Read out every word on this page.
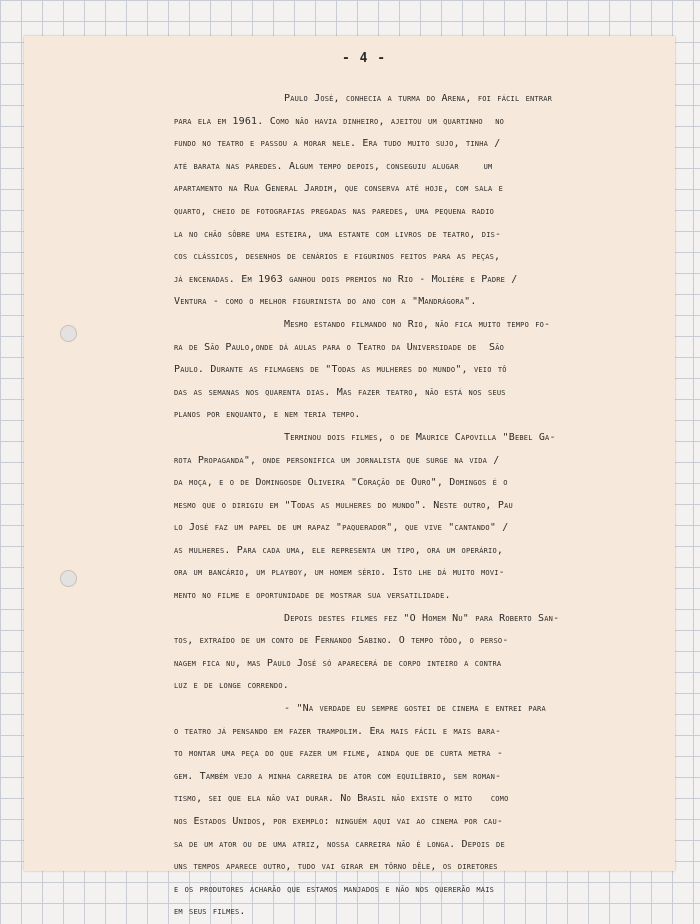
- 4 -
Paulo José, conhecia a turma do Arena, foi fácil entrar
para ela em 1961. Como não havia dinheiro, ajeitou um quartinho  no
fundo no teatro e passou a morar nele. Era tudo muito sujo, tinha /
até barata nas paredes. Algum tempo depois, conseguiu alugar    um
apartamento na Rua General Jardim, que conserva até hoje, com sala e
quarto, cheio de fotografias pregadas nas paredes, uma pequena radio
la no chão sôbre uma esteira, uma estante com livros de teatro, dis-
cos clássicos, desenhos de cenários e figurinos feitos para as peças,
já encenadas. Em 1963 ganhou dois premios no Rio - Molière e Padre /
Ventura - como o melhor figurinista do ano com a "Mandrágora".
Mesmo estando filmando no Rio, não fica muito tempo fo-
ra de São Paulo,onde dá aulas para o Teatro da Universidade de  São
Paulo. Durante as filmagens de "Todas as mulheres do mundo", veio tô
das as semanas nos quarenta dias. Mas fazer teatro, não está nos seus
planos por enquanto, e nem teria tempo.
Terminou dois filmes, o de Maurice Capovilla "Bebel Ga-
rota Propaganda", onde personifica um jornalista que surge na vida /
da moça, e o de Domingosde Oliveira "Coração de Ouro", Domingos é o
mesmo que o dirigiu em "Todas as mulheres do mundo". Neste outro, Pau
lo José faz um papel de um rapaz "paquerador", que vive "cantando" /
as mulheres. Para cada uma, ele representa um tipo, ora um operário,
ora um bancário, um playboy, um homem sério. Isto lhe dá muito movi-
mento no filme e oportunidade de mostrar sua versatilidade.
Depois destes filmes fez "O Homem Nu" para Roberto San-
tos, extraído de um conto de Fernando Sabino. O tempo tôdo, o perso-
nagem fica nu, mas Paulo José só aparecerá de corpo inteiro a contra
luz e de longe correndo.
- "Na verdade eu sempre gostei de cinema e entrei para
o teatro já pensando em fazer trampolim. Era mais fácil e mais bara-
to montar uma peça do que fazer um filme, ainda que de curta metra -
gem. Também vejo a minha carreira de ator com equilíbrio, sem roman-
tismo, sei que ela não vai durar. No Brasil não existe o mito   como
nos Estados Unidos, por exemplo: ninguém aqui vai ao cinema por cau-
sa de um ator ou de uma atriz, nossa carreira não é longa. Depois de
uns tempos aparece outro, tudo vai girar em tôrno dêle, os diretores
e os produtores acharão que estamos manjados e não nos quererão mais
em seus filmes.
